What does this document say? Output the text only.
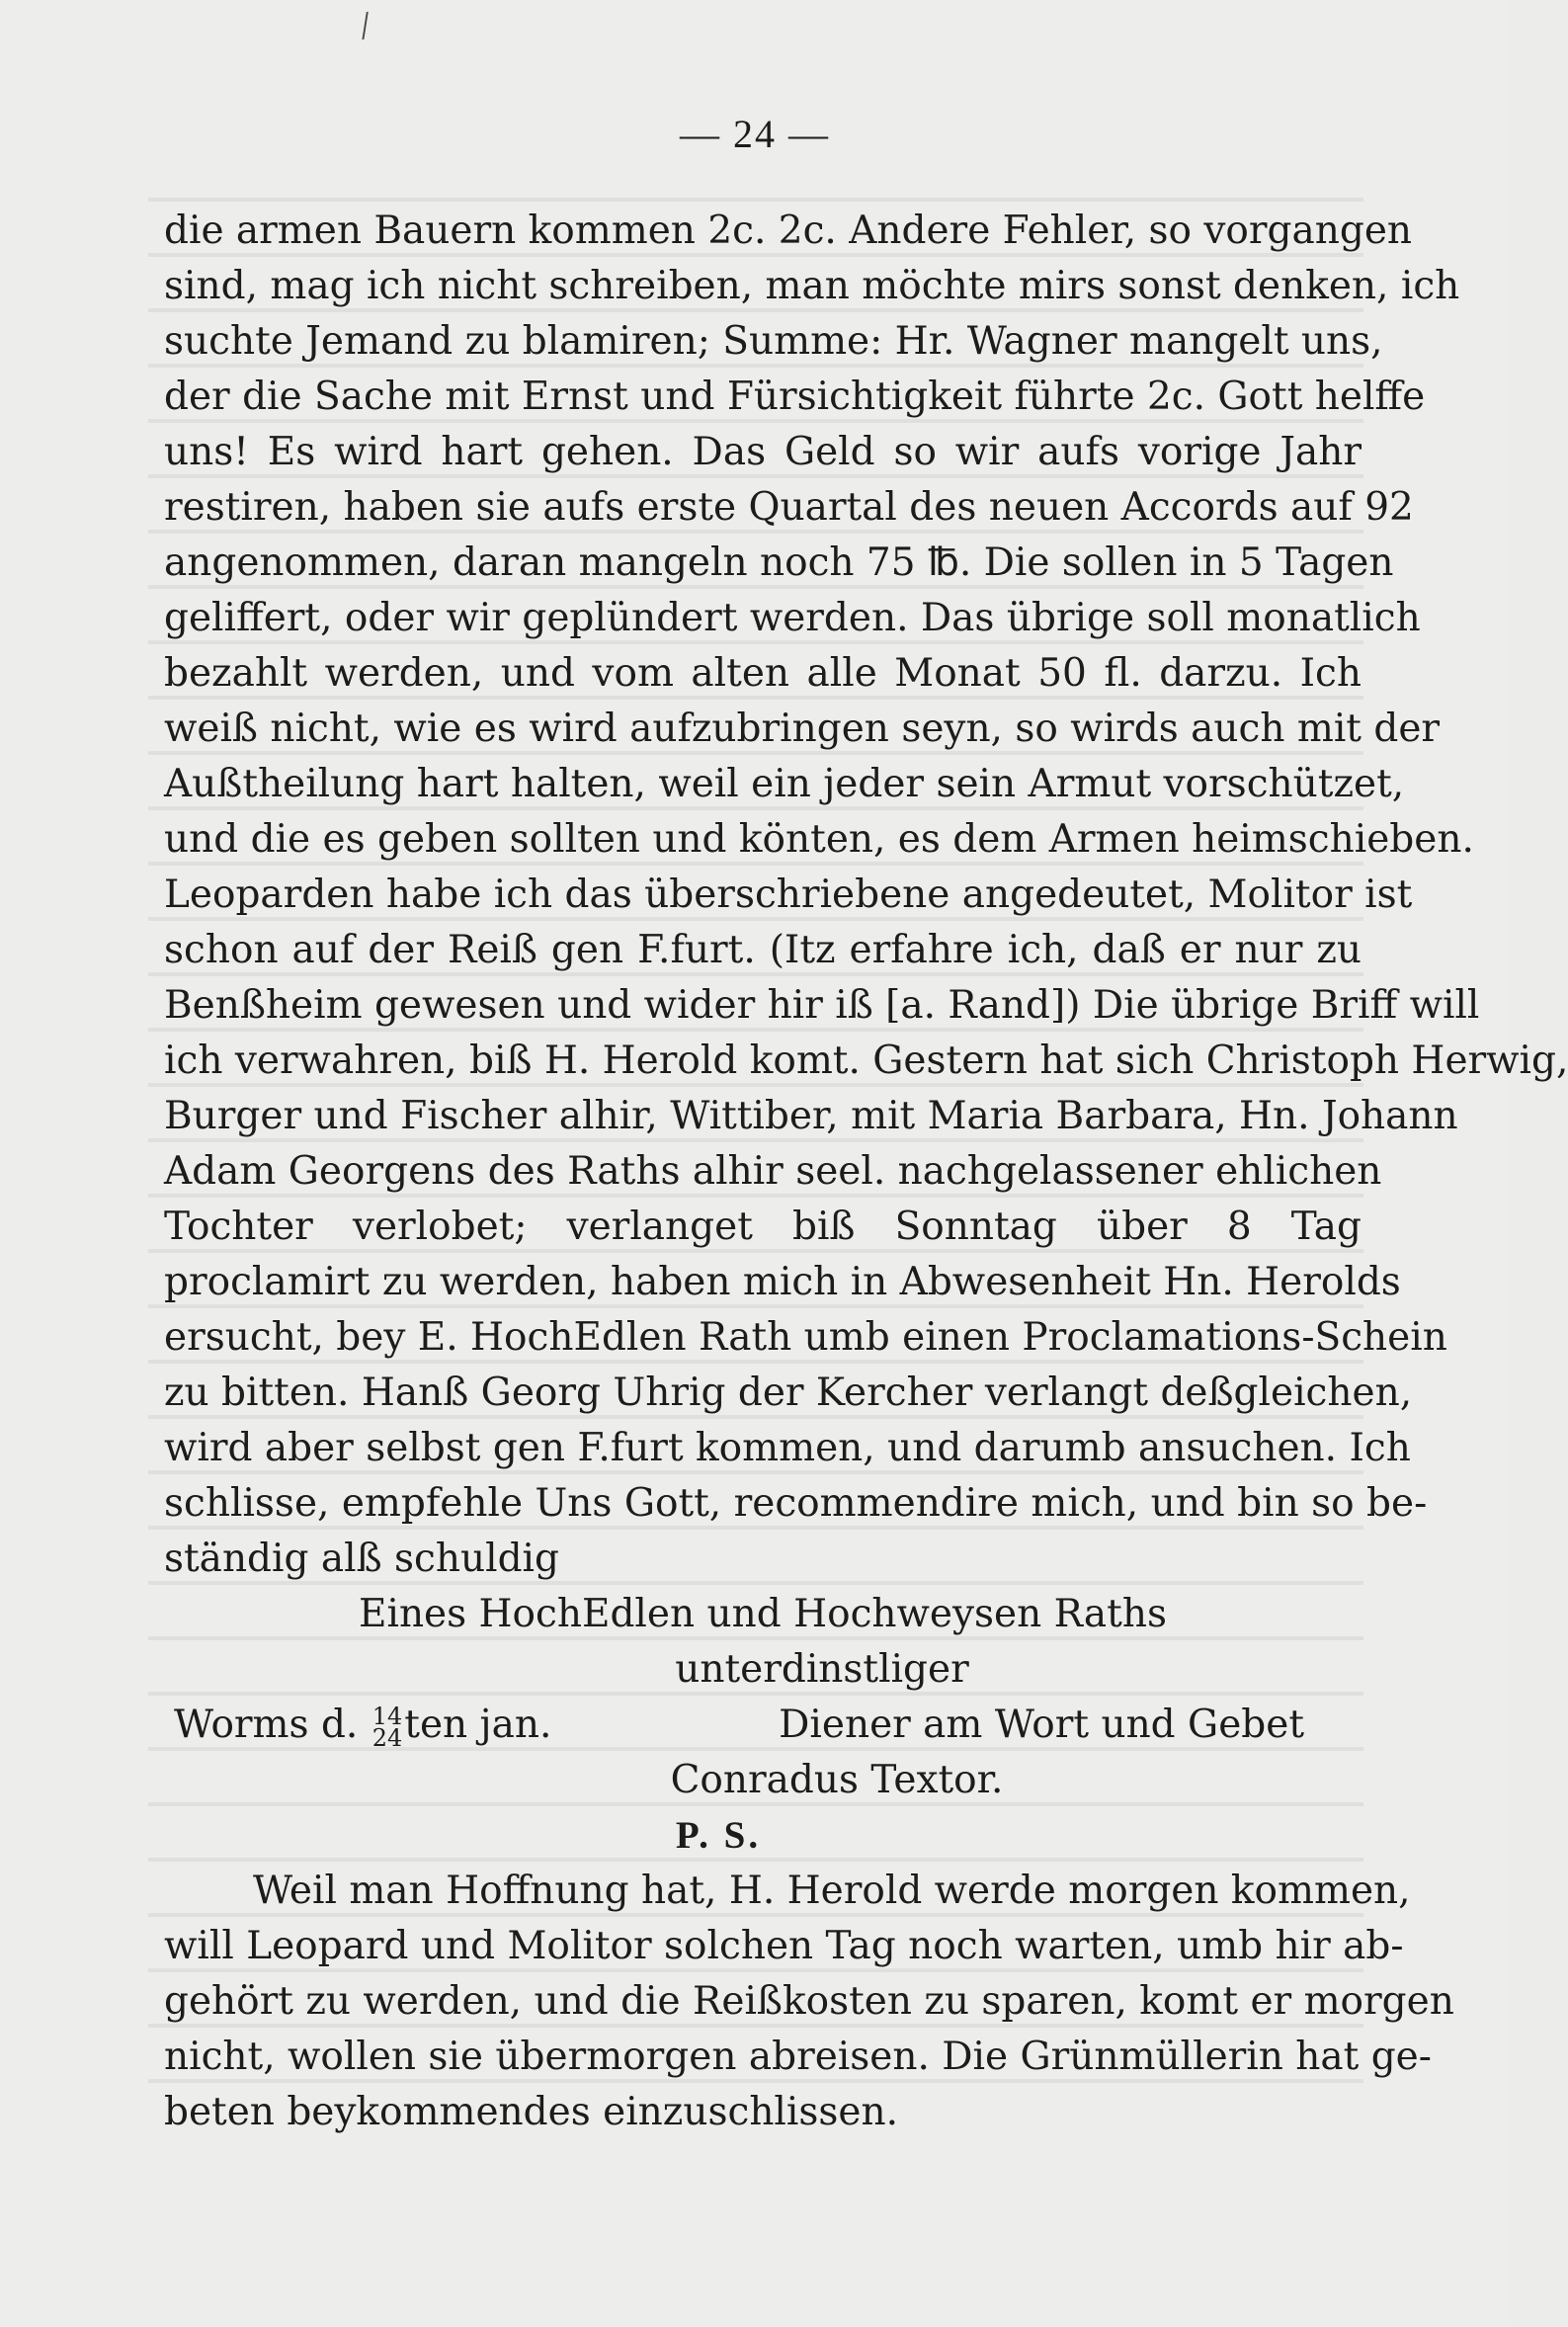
/
— 24 —
die armen Bauern kommen 2c. 2c. Andere Fehler, so vorgangen
sind, mag ich nicht schreiben, man möchte mirs sonst denken, ich
suchte Jemand zu blamiren; Summe: Hr. Wagner mangelt uns,
der die Sache mit Ernst und Fürsichtigkeit führte 2c. Gott helffe
uns! Es wird hart gehen. Das Geld so wir aufs vorige Jahr
restiren, haben sie aufs erste Quartal des neuen Accords auf 92
angenommen, daran mangeln noch 75 ℔. Die sollen in 5 Tagen
geliffert, oder wir geplündert werden. Das übrige soll monatlich
bezahlt werden, und vom alten alle Monat 50 fl. darzu. Ich
weiß nicht, wie es wird aufzubringen seyn, so wirds auch mit der
Außtheilung hart halten, weil ein jeder sein Armut vorschützet,
und die es geben sollten und könten, es dem Armen heimschieben.
Leoparden habe ich das überschriebene angedeutet, Molitor ist
schon auf der Reiß gen F.furt. (Itz erfahre ich, daß er nur zu
Benßheim gewesen und wider hir iß [a. Rand]) Die übrige Briff will
ich verwahren, biß H. Herold komt. Gestern hat sich Christoph Herwig,
Burger und Fischer alhir, Wittiber, mit Maria Barbara, Hn. Johann
Adam Georgens des Raths alhir seel. nachgelassener ehlichen
Tochter verlobet; verlanget biß Sonntag über 8 Tag
proclamirt zu werden, haben mich in Abwesenheit Hn. Herolds
ersucht, bey E. HochEdlen Rath umb einen Proclamations-Schein
zu bitten. Hanß Georg Uhrig der Kercher verlangt deßgleichen,
wird aber selbst gen F.furt kommen, und darumb ansuchen. Ich
schlisse, empfehle Uns Gott, recommendire mich, und bin so be-
ständig alß schuldig
Eines HochEdlen und Hochweysen Raths
unterdinstliger
Worms d. 14
24 ten jan.	Diener am Wort und Gebet
Conradus Textor.
P. S.
Weil man Hoffnung hat, H. Herold werde morgen kommen,
will Leopard und Molitor solchen Tag noch warten, umb hir ab-
gehört zu werden, und die Reißkosten zu sparen, komt er morgen
nicht, wollen sie übermorgen abreisen. Die Grünmüllerin hat ge-
beten beykommendes einzuschlissen.
